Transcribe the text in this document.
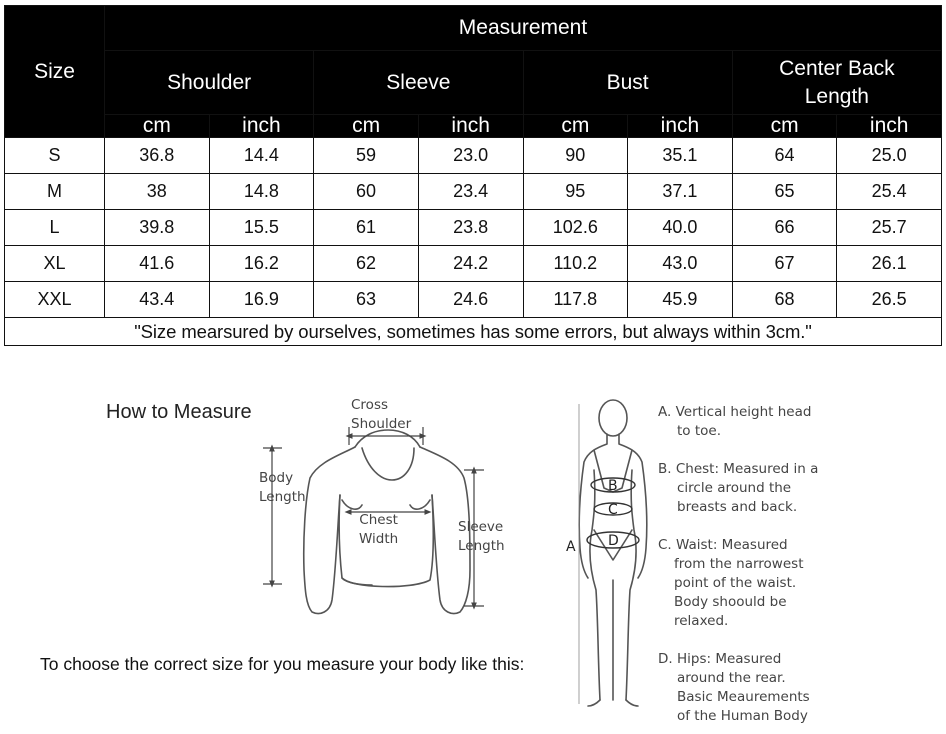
Size	Measurement							
	Shoulder		Sleeve		Bust		Center Back Length	
	cm	inch	cm	inch	cm	inch	cm	inch
S	36.8	14.4	59	23.0	90	35.1	64	25.0
M	38	14.8	60	23.4	95	37.1	65	25.4
L	39.8	15.5	61	23.8	102.6	40.0	66	25.7
XL	41.6	16.2	62	24.2	110.2	43.0	67	26.1
XXL	43.4	16.9	63	24.6	117.8	45.9	68	26.5
"Size mearsured by ourselves, sometimes has some errors, but always within 3cm."								
A
B
C
D
How to Measure	Cross
Shoulder
Body
Length
Chest
Width
Sleeve
Length
A. Vertical height head
to toe.
B. Chest: Measured in a
circle around the
breasts and back.
C. Waist: Measured
from the narrowest
point of the waist.
Body shoould be
relaxed.
D. Hips: Measured
around the rear.
Basic Meaurements
of the Human Body
To choose the correct size for you measure your body like this:
